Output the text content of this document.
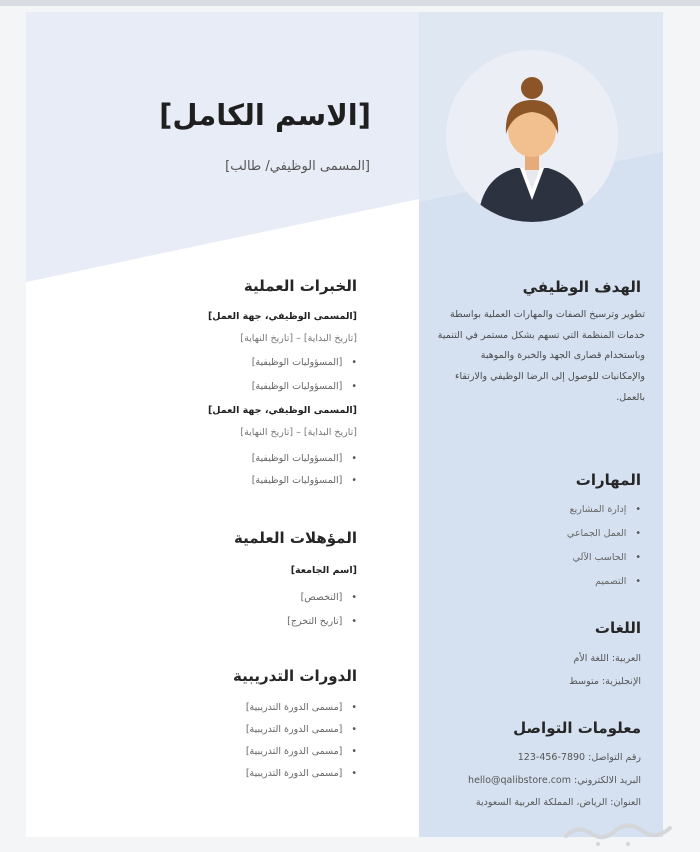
[الاسم الكامل]
[المسمى الوظيفي/ طالب]
الخبرات العملية
[المسمى الوظيفي، جهة العمل]
[تاريخ البداية] – [تاريخ النهاية]
•[المسؤوليات الوظيفية]
•[المسؤوليات الوظيفية]
[المسمى الوظيفي، جهة العمل]
[تاريخ البداية] – [تاريخ النهاية]
•[المسؤوليات الوظيفية]
•[المسؤوليات الوظيفية]
المؤهلات العلمية
[اسم الجامعة]
•[التخصص]
•[تاريخ التخرج]
الدورات التدريبية
•[مسمى الدورة التدريبية]
•[مسمى الدورة التدريبية]
•[مسمى الدورة التدريبية]
•[مسمى الدورة التدريبية]
الهدف الوظيفي
تطوير وترسيخ الصفات والمهارات العملية بواسطة خدمات المنظمة التي تسهم بشكل مستمر في التنمية وباستخدام قصارى الجهد والخبرة والموهبة والإمكانيات للوصول إلى الرضا الوظيفي والارتقاء بالعمل.
المهارات
•إدارة المشاريع
•العمل الجماعي
•الحاسب الآلي
•التصميم
اللغات
العربية: اللغة الأم
الإنجليزية: متوسط
معلومات التواصل
رقم التواصل: 7890-456-123
البريد الالكتروني: hello@qalibstore.com
العنوان: الرياض، المملكة العربية السعودية
